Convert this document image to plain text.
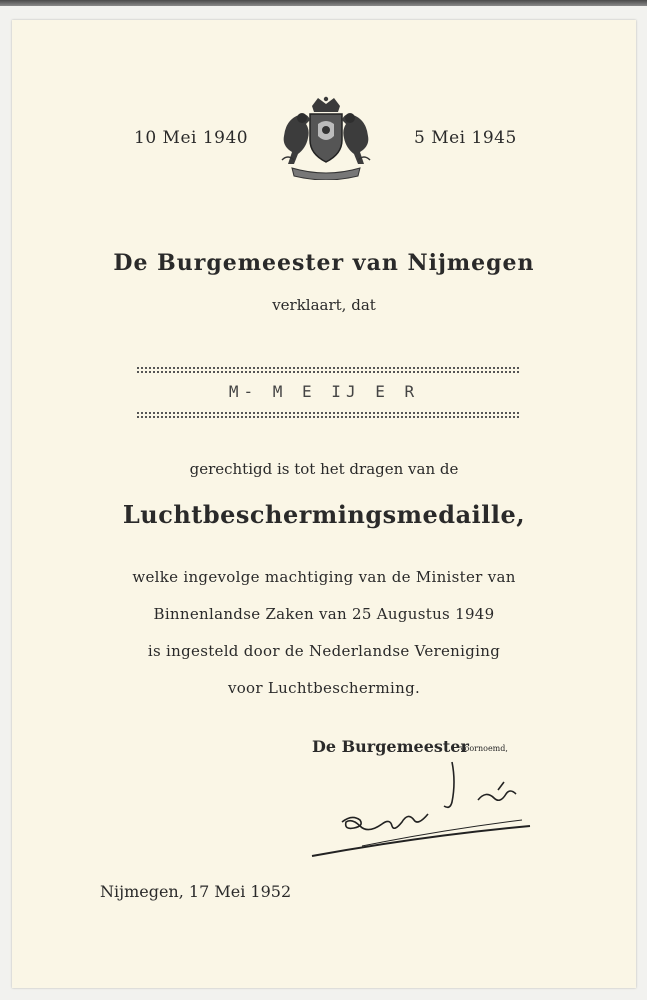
10 Mei 1940	5 Mei 1945
De Burgemeester van Nijmegen
verklaart, dat
M- M E IJ E R
gerechtigd is tot het dragen van de
Luchtbeschermingsmedaille,
welke ingevolge machtiging van de Minister van
Binnenlandse Zaken van 25 Augustus 1949
is ingesteld door de Nederlandse Vereniging
voor Luchtbescherming.
De Burgemeester
voornoemd,
Nijmegen, 17 Mei 1952
